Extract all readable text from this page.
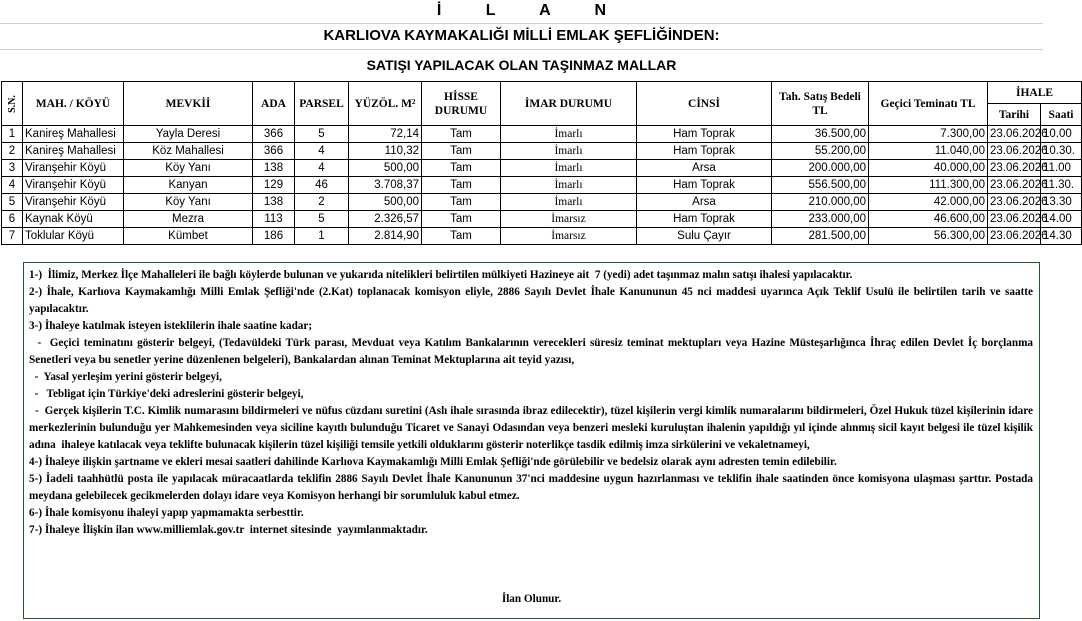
İ L A N
KARLIOVA KAYMAKALIĞI MİLLİ EMLAK ŞEFLİĞİNDEN:
SATIŞI YAPILACAK OLAN TAŞINMAZ MALLAR
S.N.	MAH. / KÖYÜ	MEVKİİ	ADA	PARSEL	YÜZÖL. M²	HİSSE DURUMU	İMAR DURUMU	CİNSİ	Tah. Satış Bedeli TL	Geçici Teminatı TL	İHALE	
											Tarihi	Saati
1	Kanireş Mahallesi	Yayla Deresi	366	5	72,14	Tam	İmarlı	Ham Toprak	36.500,00	7.300,00	23.06.2026	10.00
2	Kanireş Mahallesi	Köz Mahallesi	366	4	110,32	Tam	İmarlı	Ham Toprak	55.200,00	11.040,00	23.06.2026	10.30.
3	Viranşehir Köyü	Köy Yanı	138	4	500,00	Tam	İmarlı	Arsa	200.000,00	40.000,00	23.06.2026	11.00
4	Viranşehir Köyü	Kanyan	129	46	3.708,37	Tam	İmarlı	Ham Toprak	556.500,00	111.300,00	23.06.2026	11.30.
5	Viranşehir Köyü	Köy Yanı	138	2	500,00	Tam	İmarlı	Arsa	210.000,00	42.000,00	23.06.2026	13.30
6	Kaynak Köyü	Mezra	113	5	2.326,57	Tam	İmarsız	Ham Toprak	233.000,00	46.600,00	23.06.2026	14.00
7	Toklular Köyü	Kümbet	186	1	2.814,90	Tam	İmarsız	Sulu Çayır	281.500,00	56.300,00	23.06.2026	14.30

1-)  İlimiz, Merkez İlçe Mahalleleri ile bağlı köylerde bulunan ve yukarıda nitelikleri belirtilen mülkiyeti Hazineye ait  7 (yedi) adet taşınmaz malın satışı ihalesi yapılacaktır.

2-) İhale, Karlıova Kaymakamlığı Milli Emlak Şefliği'nde (2.Kat) toplanacak komisyon eliyle, 2886 Sayılı Devlet İhale Kanununun 45 nci maddesi uyarınca Açık Teklif Usulü ile belirtilen tarih ve saatte yapılacaktır.

3-) İhaleye katılmak isteyen isteklilerin ihale saatine kadar;

-  Geçici teminatını gösterir belgeyi, (Tedavüldeki Türk parası, Mevduat veya Katılım Bankalarının verecekleri süresiz teminat mektupları veya Hazine Müsteşarlığınca İhraç edilen Devlet İç borçlanma Senetleri veya bu senetler yerine düzenlenen belgeleri), Bankalardan alınan Teminat Mektuplarına ait teyid yazısı,

-  Yasal yerleşim yerini gösterir belgeyi,

-   Tebligat için Türkiye'deki adreslerini gösterir belgeyi,

-  Gerçek kişilerin T.C. Kimlik numarasını bildirmeleri ve nüfus cüzdanı suretini (Aslı ihale sırasında ibraz edilecektir), tüzel kişilerin vergi kimlik numaralarını bildirmeleri, Özel Hukuk tüzel kişilerinin idare merkezlerinin bulunduğu yer Mahkemesinden veya siciline kayıtlı bulunduğu Ticaret ve Sanayi Odasından veya benzeri mesleki kuruluştan ihalenin yapıldığı yıl içinde alınmış sicil kayıt belgesi ile tüzel kişilik adına  ihaleye katılacak veya teklifte bulunacak kişilerin tüzel kişiliği temsile yetkili olduklarını gösterir noterlikçe tasdik edilmiş imza sirkülerini ve vekaletnameyi,

4-) İhaleye ilişkin şartname ve ekleri mesai saatleri dahilinde Karlıova Kaymakamlığı Milli Emlak Şefliği'nde görülebilir ve bedelsiz olarak aynı adresten temin edilebilir.

5-) İadeli taahhütlü posta ile yapılacak müracaatlarda teklifin 2886 Sayılı Devlet İhale Kanununun 37'nci maddesine uygun hazırlanması ve teklifin ihale saatinden önce komisyona ulaşması şarttır. Postada meydana gelebilecek gecikmelerden dolayı idare veya Komisyon herhangi bir sorumluluk kabul etmez.

6-) İhale komisyonu ihaleyi yapıp yapmamakta serbesttir.

7-) İhaleye İlişkin ilan www.milliemlak.gov.tr  internet sitesinde  yayımlanmaktadır.

İlan Olunur.
